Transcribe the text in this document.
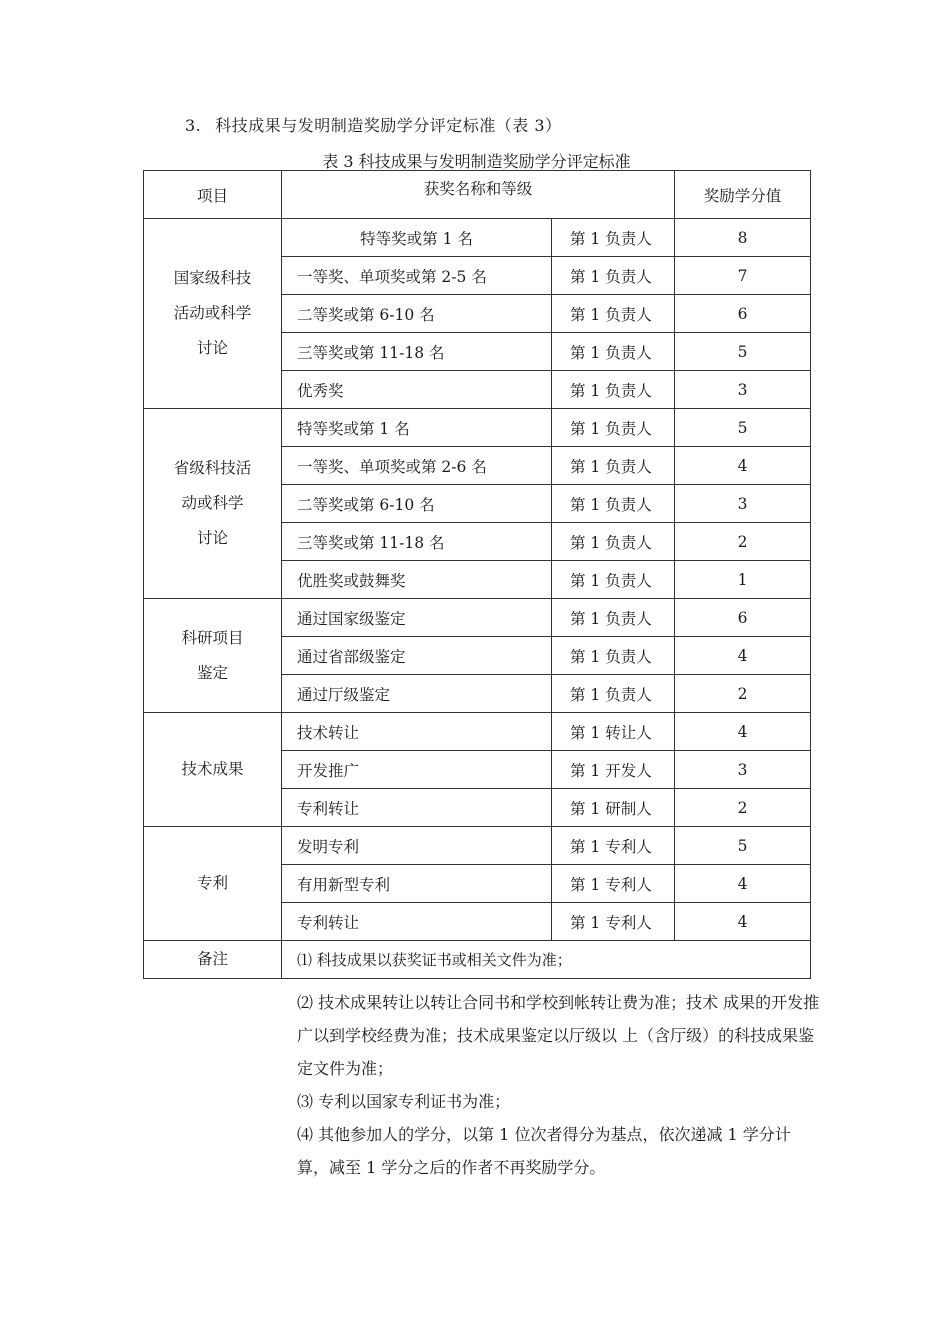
3. 科技成果与发明制造奖励学分评定标准（表 3）
表 3 科技成果与发明制造奖励学分评定标准
项目	获奖名称和等级		奖励学分值

国家级科技
活动或科学
讨论	特等奖或第 1 名	第 1 负责人	8
	一等奖、单项奖或第 2-5 名	第 1 负责人	7
	二等奖或第 6-10 名	第 1 负责人	6
	三等奖或第 11-18 名	第 1 负责人	5
	优秀奖	第 1 负责人	3

省级科技活
动或科学
讨论	特等奖或第 1 名	第 1 负责人	5
	一等奖、单项奖或第 2-6 名	第 1 负责人	4
	二等奖或第 6-10 名	第 1 负责人	3
	三等奖或第 11-18 名	第 1 负责人	2
	优胜奖或鼓舞奖	第 1 负责人	1

科研项目
鉴定	通过国家级鉴定	第 1 负责人	6
	通过省部级鉴定	第 1 负责人	4
	通过厅级鉴定	第 1 负责人	2

技术成果	技术转让	第 1 转让人	4
	开发推广	第 1 开发人	3
	专利转让	第 1 研制人	2

专利	发明专利	第 1 专利人	5
	有用新型专利	第 1 专利人	4
	专利转让	第 1 专利人	4
备注	⑴ 科技成果以获奖证书或相关文件为准；		

⑵ 技术成果转让以转让合同书和学校到帐转让费为准；技术 成果的开发推广以到学校经费为准；技术成果鉴定以厅级以 上（含厅级）的科技成果鉴定文件为准；

⑶ 专利以国家专利证书为准；

⑷ 其他参加人的学分，以第 1 位次者得分为基点，依次递减 1 学分计算，减至 1 学分之后的作者不再奖励学分。
